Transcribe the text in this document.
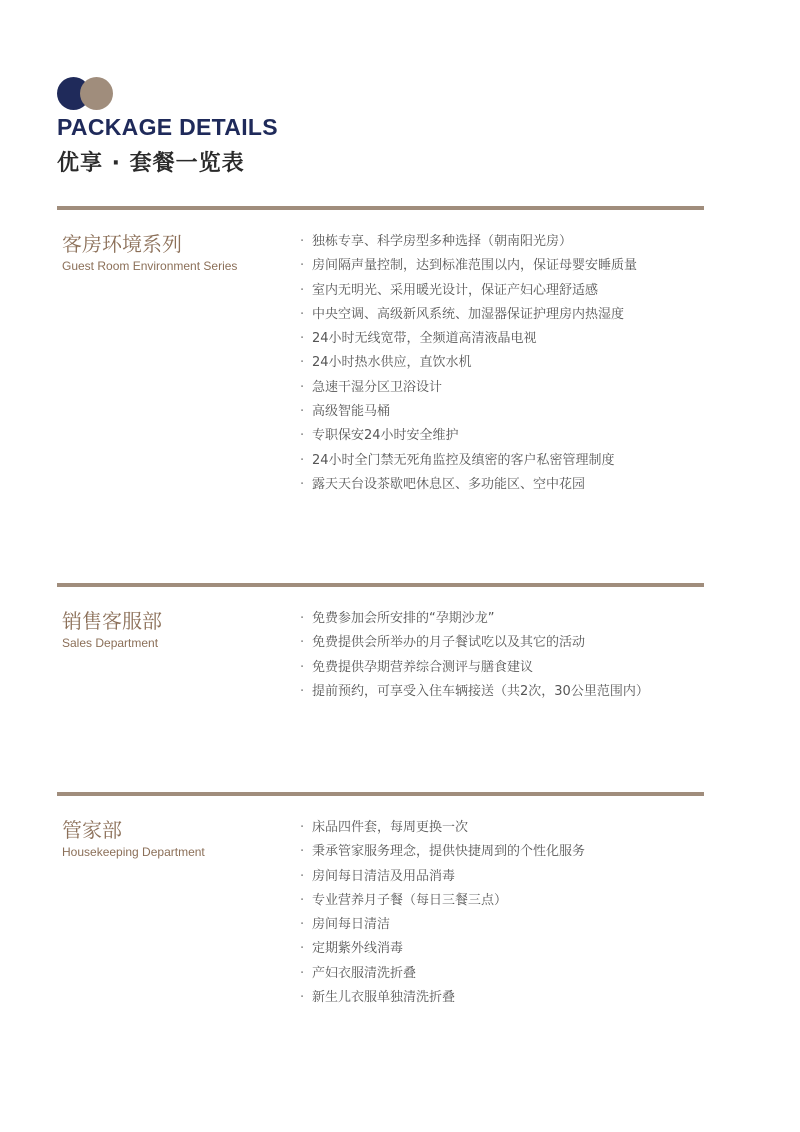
PACKAGE DETAILS
优享 · 套餐一览表

客房环境系列

Guest Room Environment Series

· 独栋专享、科学房型多种选择（朝南阳光房）
· 房间隔声量控制，达到标准范围以内，保证母婴安睡质量
· 室内无明光、采用暖光设计，保证产妇心理舒适感
· 中央空调、高级新风系统、加湿器保证护理房内热湿度
· 24小时无线宽带，全频道高清液晶电视
· 24小时热水供应，直饮水机
· 急速干湿分区卫浴设计
· 高级智能马桶
· 专职保安24小时安全维护
· 24小时全门禁无死角监控及缜密的客户私密管理制度
· 露天天台设茶歇吧休息区、多功能区、空中花园

销售客服部

Sales Department

· 免费参加会所安排的“孕期沙龙”
· 免费提供会所举办的月子餐试吃以及其它的活动
· 免费提供孕期营养综合测评与膳食建议
· 提前预约，可享受入住车辆接送（共2次，30公里范围内）

管家部

Housekeeping Department

· 床品四件套，每周更换一次
· 秉承管家服务理念，提供快捷周到的个性化服务
· 房间每日清洁及用品消毒
· 专业营养月子餐（每日三餐三点）
· 房间每日清洁
· 定期紫外线消毒
· 产妇衣服清洗折叠
· 新生儿衣服单独清洗折叠
